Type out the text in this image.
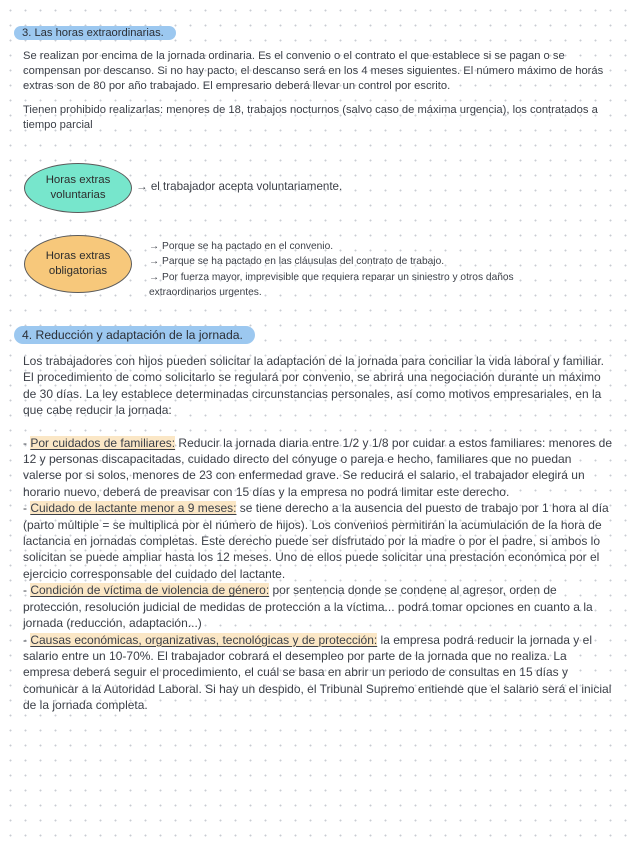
3. Las horas extraordinarias.

Se realizan por encima de la jornada ordinaria. Es el convenio o el contrato el que establece si se pagan o se compensan por descanso. Si no hay pacto, el descanso será en los 4 meses siguientes. El número máximo de horás extras son de 80 por año trabajado. El empresario deberá llevar un control por escrito.

Tienen prohibido realizarlas: menores de 18, trabajos nocturnos (salvo caso de máxima urgencia), los contratados a tiempo parcial

Horas extras
voluntarias
→ el trabajador acepta voluntariamente.
Horas extras
obligatorias
→ Porque se ha pactado en el convenio.
→ Parque se ha pactado en las cláusulas del contrato de trabajo.
→ Por fuerza mayor, imprevisible que requiera reparar un siniestro y otros daños
extraordinarios urgentes.
4. Reducción y adaptación de la jornada.

Los trabajadores con hijos pueden solicitar la adaptación de la jornada para conciliar la vida laboral y familiar. El procedimiento de como solicitarlo se regulará por convenio, se abrirá una negociación durante un máximo de 30 días. La ley establece determinadas circunstancias personales, así como motivos empresariales, en la que cabe reducir la jornada:

- Por cuidados de familiares: Reducir la jornada diaria entre 1/2 y 1/8 por cuidar a estos familiares: menores de 12 y personas discapacitadas, cuidado directo del cónyuge o pareja e hecho, familiares que no puedan valerse por si solos, menores de 23 con enfermedad grave. Se reducirá el salario, el trabajador elegirá un horario nuevo, deberá de preavisar con 15 días y la empresa no podrá limitar este derecho.

- Cuidado de lactante menor a 9 meses: se tiene derecho a la ausencia del puesto de trabajo por 1 hora al día (parto múltiple = se multiplica por el número de hijos). Los convenios permitirán la acumulación de la hora de lactancia en jornadas completas. Este derecho puede ser disfrutado por la madre o por el padre, si ambos lo solicitan se puede ampliar hasta los 12 meses. Uno de ellos puede solicitar una prestación económica por el ejercicio corresponsable del cuidado del lactante.

- Condición de víctima de violencia de género: por sentencia donde se condene al agresor, orden de protección, resolución judicial de medidas de protección a la víctima... podrá tomar opciones en cuanto a la jornada (reducción, adaptación...)

- Causas económicas, organizativas, tecnológicas y de protección: la empresa podrá reducir la jornada y el salario entre un 10-70%. El trabajador cobrará el desempleo por parte de la jornada que no realiza. La empresa deberá seguir el procedimiento, el cuál se basa en abrir un periodo de consultas en 15 días y comunicar a la Autoridad Laboral. Si hay un despido, el Tribunal Supremo entiende que el salario será el inicial de la jornada completa.
